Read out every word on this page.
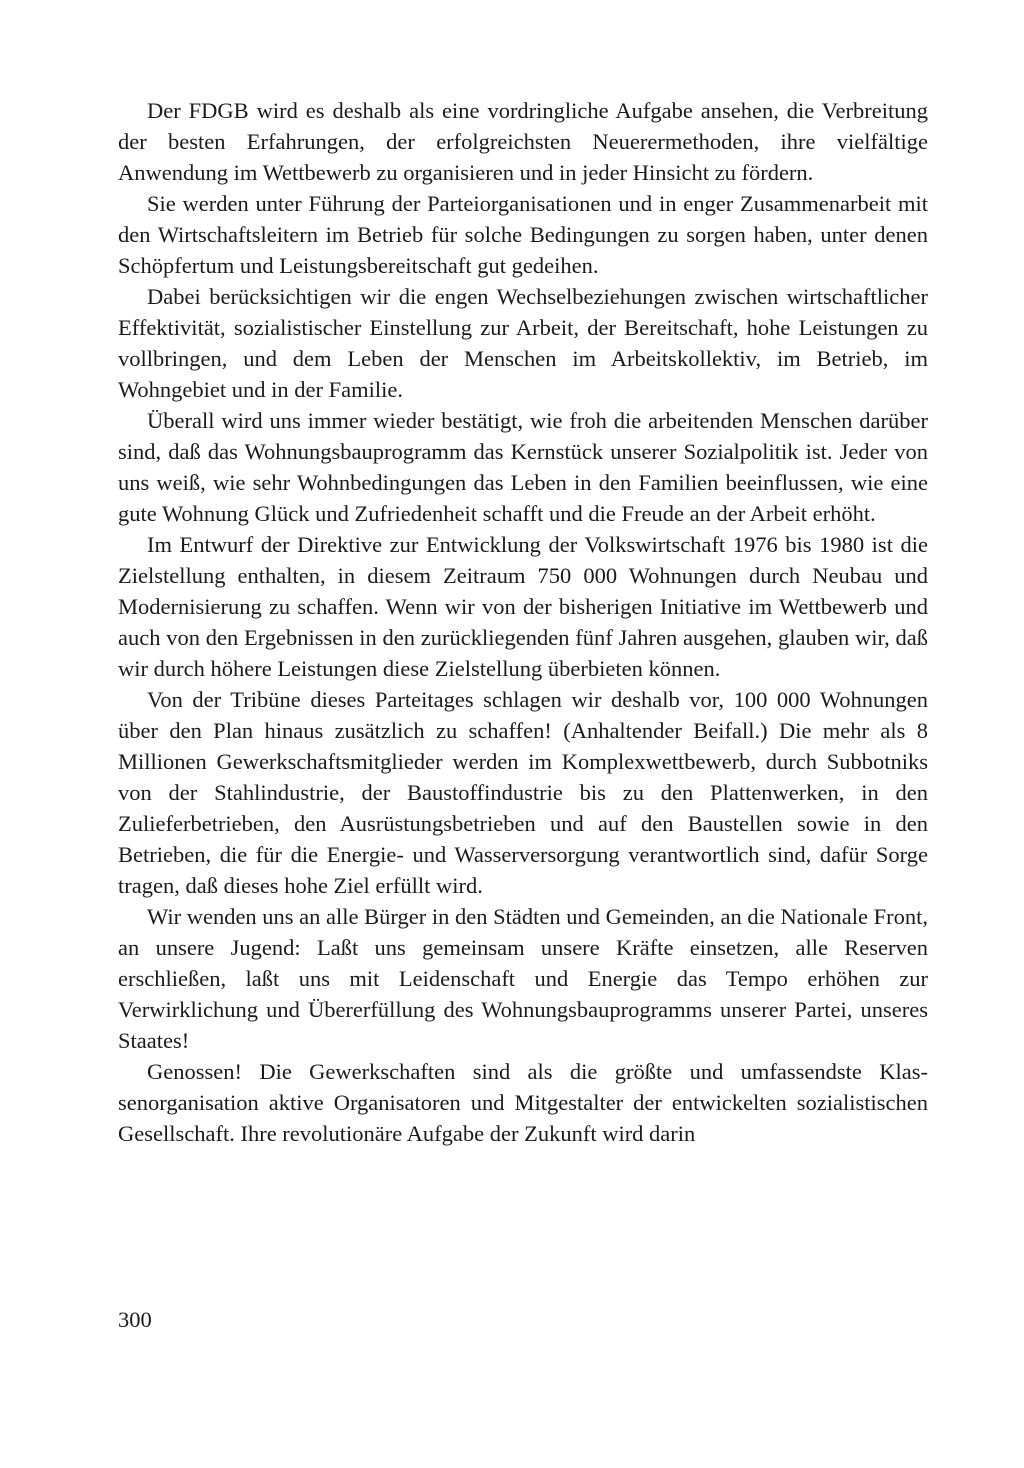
Der FDGB wird es deshalb als eine vordringliche Aufgabe ansehen, die Verbreitung der besten Erfahrungen, der erfolgreichsten Neuerermethoden, ihre vielfältige Anwendung im Wettbewerb zu organisieren und in jeder Hinsicht zu fördern.

Sie werden unter Führung der Parteiorganisationen und in enger Zusammenarbeit mit den Wirtschaftsleitern im Betrieb für solche Bedingungen zu sorgen haben, unter denen Schöpfertum und Leistungsbereitschaft gut gedeihen.

Dabei berücksichtigen wir die engen Wechselbeziehungen zwischen wirtschaftlicher Effektivität, sozialistischer Einstellung zur Arbeit, der Bereitschaft, hohe Leistungen zu vollbringen, und dem Leben der Menschen im Arbeitskollektiv, im Betrieb, im Wohngebiet und in der Familie.

Überall wird uns immer wieder bestätigt, wie froh die arbeitenden Menschen darüber sind, daß das Wohnungsbauprogramm das Kernstück unserer Sozialpolitik ist. Jeder von uns weiß, wie sehr Wohnbedingungen das Leben in den Familien beeinflussen, wie eine gute Wohnung Glück und Zufriedenheit schafft und die Freude an der Arbeit erhöht.

Im Entwurf der Direktive zur Entwicklung der Volkswirtschaft 1976 bis 1980 ist die Zielstellung enthalten, in diesem Zeitraum 750 000 Wohnungen durch Neubau und Modernisierung zu schaffen. Wenn wir von der bisherigen Initiative im Wettbewerb und auch von den Ergebnissen in den zurückliegenden fünf Jahren ausgehen, glauben wir, daß wir durch höhere Leistungen diese Zielstellung überbieten können.

Von der Tribüne dieses Parteitages schlagen wir deshalb vor, 100 000 Wohnungen über den Plan hinaus zusätzlich zu schaffen! (Anhaltender Beifall.) Die mehr als 8 Millionen Gewerkschaftsmitglieder werden im Komplexwettbewerb, durch Subbotniks von der Stahlindustrie, der Baustoffindustrie bis zu den Plattenwerken, in den Zulieferbetrieben, den Ausrüstungsbetrieben und auf den Baustellen sowie in den Betrieben, die für die Energie- und Wasserversorgung verantwortlich sind, dafür Sorge tragen, daß dieses hohe Ziel erfüllt wird.

Wir wenden uns an alle Bürger in den Städten und Gemeinden, an die Nationale Front, an unsere Jugend: Laßt uns gemeinsam unsere Kräfte einsetzen, alle Reserven erschließen, laßt uns mit Leidenschaft und Energie das Tempo erhöhen zur Verwirklichung und Übererfüllung des Wohnungsbauprogramms unserer Partei, unseres Staates!

Genossen! Die Gewerkschaften sind als die größte und umfassendste Klassenorganisation aktive Organisatoren und Mitgestalter der entwickelten sozialistischen Gesellschaft. Ihre revolutionäre Aufgabe der Zukunft wird darin

300
